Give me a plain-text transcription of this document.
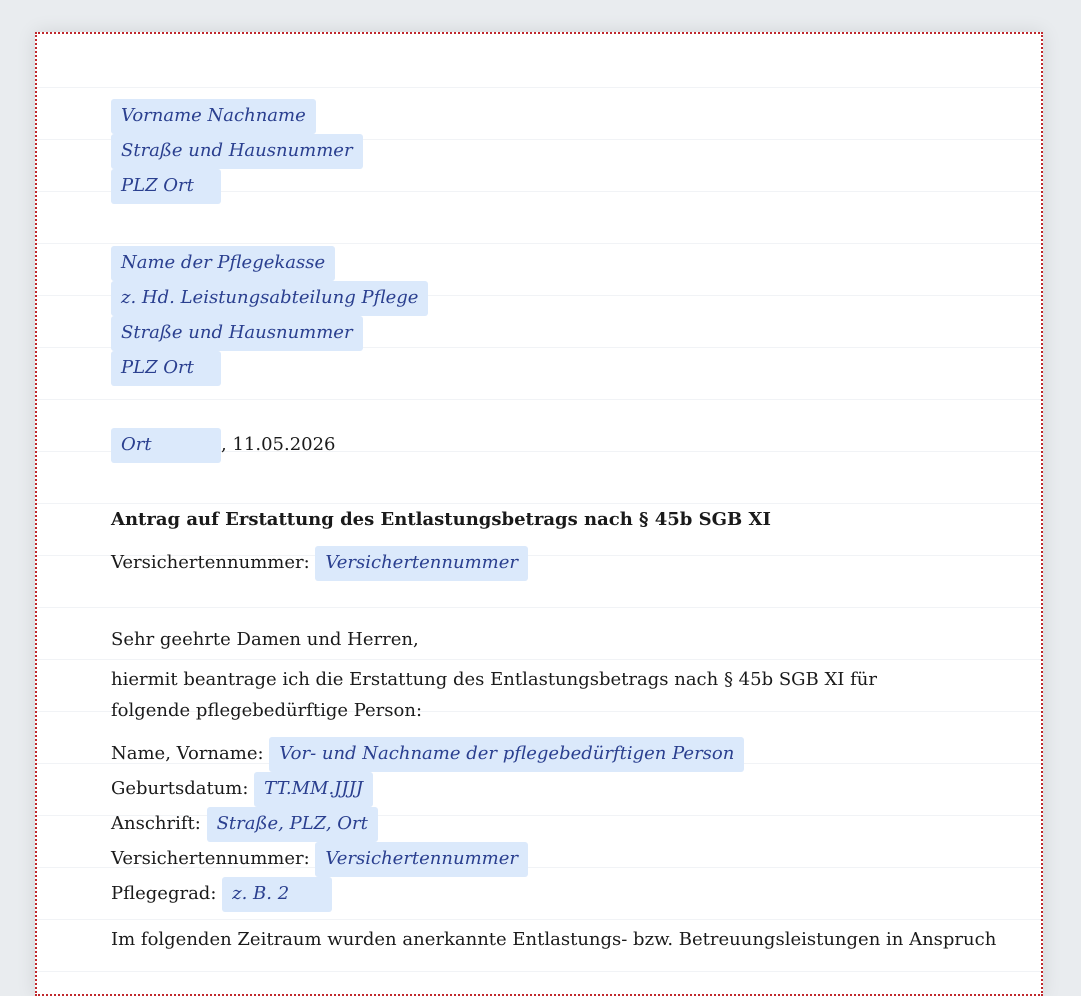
Vorname Nachname
Straße und Hausnummer
PLZ Ort
Name der Pflegekasse
z. Hd. Leistungsabteilung Pflege
Straße und Hausnummer
PLZ Ort
Ort	, 11.05.2026
Antrag auf Erstattung des Entlastungsbetrags nach § 45b SGB XI
Versichertennummer: Versichertennummer
Sehr geehrte Damen und Herren,
hiermit beantrage ich die Erstattung des Entlastungsbetrags nach § 45b SGB XI für folgende pflegebedürftige Person:
Name, Vorname: Vor- und Nachname der pflegebedürftigen Person
Geburtsdatum: TT.MM.JJJJ
Anschrift: Straße, PLZ, Ort
Versichertennummer: Versichertennummer
Pflegegrad: z. B. 2
Im folgenden Zeitraum wurden anerkannte Entlastungs- bzw. Betreuungsleistungen in Anspruch
